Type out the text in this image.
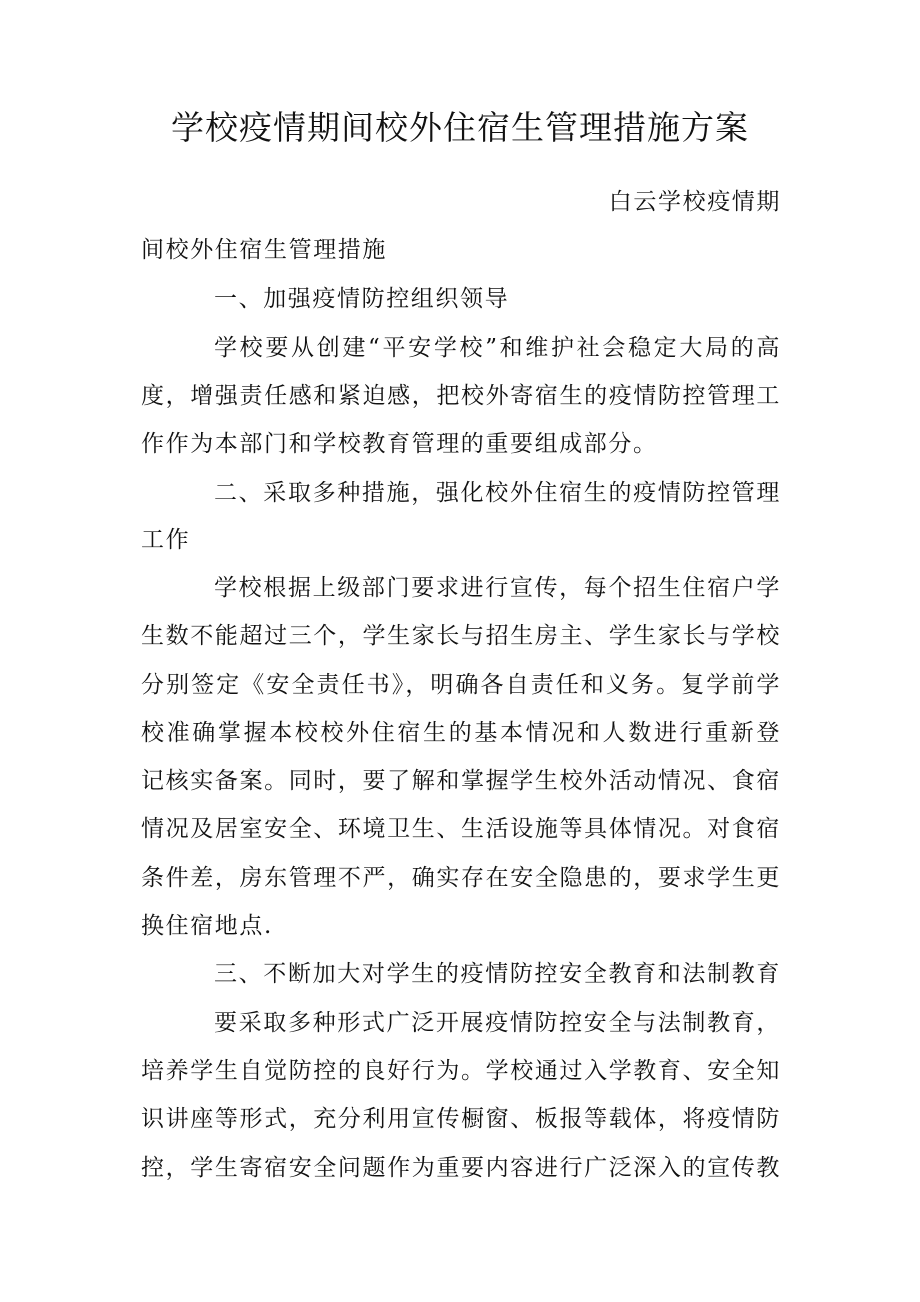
学校疫情期间校外住宿生管理措施方案
白云学校疫情期
间校外住宿生管理措施
一、加强疫情防控组织领导
学校要从创建“平安学校”和维护社会稳定大局的高
度，增强责任感和紧迫感，把校外寄宿生的疫情防控管理工
作作为本部门和学校教育管理的重要组成部分。
二、采取多种措施，强化校外住宿生的疫情防控管理
工作
学校根据上级部门要求进行宣传，每个招生住宿户学
生数不能超过三个，学生家长与招生房主、学生家长与学校
分别签定《安全责任书》，明确各自责任和义务。复学前学
校准确掌握本校校外住宿生的基本情况和人数进行重新登
记核实备案。同时，要了解和掌握学生校外活动情况、食宿
情况及居室安全、环境卫生、生活设施等具体情况。对食宿
条件差，房东管理不严，确实存在安全隐患的，要求学生更
换住宿地点.
三、不断加大对学生的疫情防控安全教育和法制教育
要采取多种形式广泛开展疫情防控安全与法制教育，
培养学生自觉防控的良好行为。学校通过入学教育、安全知
识讲座等形式，充分利用宣传橱窗、板报等载体，将疫情防
控，学生寄宿安全问题作为重要内容进行广泛深入的宣传教
